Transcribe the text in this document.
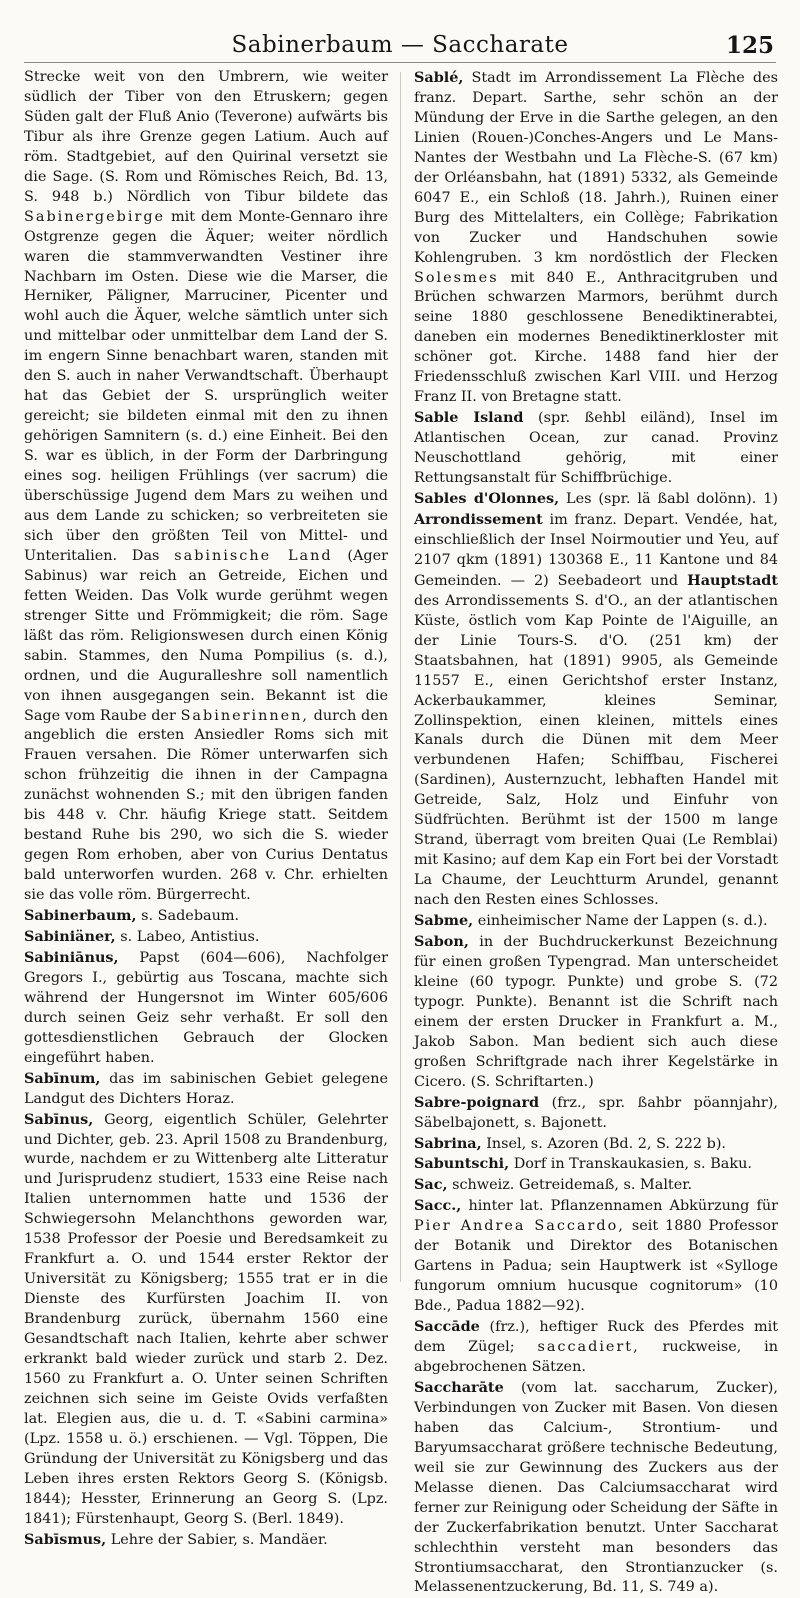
Sabinerbaum — Saccharate	125

Strecke weit von den Umbrern, wie weiter südlich der Tiber von den Etruskern; gegen Süden galt der Fluß Anio (Teverone) aufwärts bis Tibur als ihre Grenze gegen Latium. Auch auf röm. Stadtgebiet, auf den Quirinal versetzt sie die Sage. (S. Rom und Römisches Reich, Bd. 13, S. 948 b.) Nördlich von Tibur bildete das Sabinergebirge mit dem Monte-Gennaro ihre Ostgrenze gegen die Äquer; weiter nördlich waren die stammverwandten Vestiner ihre Nachbarn im Osten. Diese wie die Marser, die Herniker, Päligner, Marruciner, Picenter und wohl auch die Äquer, welche sämtlich unter sich und mittelbar oder unmittelbar dem Land der S. im engern Sinne benachbart waren, standen mit den S. auch in naher Verwandtschaft. Überhaupt hat das Gebiet der S. ursprünglich weiter gereicht; sie bildeten einmal mit den zu ihnen gehörigen Samnitern (s. d.) eine Einheit. Bei den S. war es üblich, in der Form der Darbringung eines sog. heiligen Frühlings (ver sacrum) die überschüssige Jugend dem Mars zu weihen und aus dem Lande zu schicken; so verbreiteten sie sich über den größten Teil von Mittel- und Unteritalien. Das sabinische Land (Ager Sabinus) war reich an Getreide, Eichen und fetten Weiden. Das Volk wurde gerühmt wegen strenger Sitte und Frömmigkeit; die röm. Sage läßt das röm. Religionswesen durch einen König sabin. Stammes, den Numa Pompilius (s. d.), ordnen, und die Auguralleshre soll namentlich von ihnen ausgegangen sein. Bekannt ist die Sage vom Raube der Sabinerinnen, durch den angeblich die ersten Ansiedler Roms sich mit Frauen versahen. Die Römer unterwarfen sich schon frühzeitig die ihnen in der Campagna zunächst wohnenden S.; mit den übrigen fanden bis 448 v. Chr. häufig Kriege statt. Seitdem bestand Ruhe bis 290, wo sich die S. wieder gegen Rom erhoben, aber von Curius Dentatus bald unterworfen wurden. 268 v. Chr. erhielten sie das volle röm. Bürgerrecht.

Sabinerbaum, s. Sadebaum.

Sabiniäner, s. Labeo, Antistius.

Sabiniānus, Papst (604—606), Nachfolger Gregors I., gebürtig aus Toscana, machte sich während der Hungersnot im Winter 605/606 durch seinen Geiz sehr verhaßt. Er soll den gottesdienstlichen Gebrauch der Glocken eingeführt haben.

Sabīnum, das im sabinischen Gebiet gelegene Landgut des Dichters Horaz.

Sabīnus, Georg, eigentlich Schüler, Gelehrter und Dichter, geb. 23. April 1508 zu Brandenburg, wurde, nachdem er zu Wittenberg alte Litteratur und Jurisprudenz studiert, 1533 eine Reise nach Italien unternommen hatte und 1536 der Schwiegersohn Melanchthons geworden war, 1538 Professor der Poesie und Beredsamkeit zu Frankfurt a. O. und 1544 erster Rektor der Universität zu Königsberg; 1555 trat er in die Dienste des Kurfürsten Joachim II. von Brandenburg zurück, übernahm 1560 eine Gesandtschaft nach Italien, kehrte aber schwer erkrankt bald wieder zurück und starb 2. Dez. 1560 zu Frankfurt a. O. Unter seinen Schriften zeichnen sich seine im Geiste Ovids verfaßten lat. Elegien aus, die u. d. T. «Sabini carmina» (Lpz. 1558 u. ö.) erschienen. — Vgl. Töppen, Die Gründung der Universität zu Königsberg und das Leben ihres ersten Rektors Georg S. (Königsb. 1844); Hesster, Erinnerung an Georg S. (Lpz. 1841); Fürstenhaupt, Georg S. (Berl. 1849).

Sabīsmus, Lehre der Sabier, s. Mandäer.

Sablé, Stadt im Arrondissement La Flèche des franz. Depart. Sarthe, sehr schön an der Mündung der Erve in die Sarthe gelegen, an den Linien (Rouen-)Conches-Angers und Le Mans-Nantes der Westbahn und La Flèche-S. (67 km) der Orléansbahn, hat (1891) 5332, als Gemeinde 6047 E., ein Schloß (18. Jahrh.), Ruinen einer Burg des Mittelalters, ein Collège; Fabrikation von Zucker und Handschuhen sowie Kohlengruben. 3 km nordöstlich der Flecken Solesmes mit 840 E., Anthracitgruben und Brüchen schwarzen Marmors, berühmt durch seine 1880 geschlossene Benediktinerabtei, daneben ein modernes Benediktinerkloster mit schöner got. Kirche. 1488 fand hier der Friedensschluß zwischen Karl VIII. und Herzog Franz II. von Bretagne statt.

Sable Island (spr. ßehbl eiländ), Insel im Atlantischen Ocean, zur canad. Provinz Neuschottland gehörig, mit einer Rettungsanstalt für Schiffbrüchige.

Sables d'Olonnes, Les (spr. lä ßabl dolönn). 1) Arrondissement im franz. Depart. Vendée, hat, einschließlich der Insel Noirmoutier und Yeu, auf 2107 qkm (1891) 130368 E., 11 Kantone und 84 Gemeinden. — 2) Seebadeort und Hauptstadt des Arrondissements S. d'O., an der atlantischen Küste, östlich vom Kap Pointe de l'Aiguille, an der Linie Tours-S. d'O. (251 km) der Staatsbahnen, hat (1891) 9905, als Gemeinde 11557 E., einen Gerichtshof erster Instanz, Ackerbaukammer, kleines Seminar, Zollinspektion, einen kleinen, mittels eines Kanals durch die Dünen mit dem Meer verbundenen Hafen; Schiffbau, Fischerei (Sardinen), Austernzucht, lebhaften Handel mit Getreide, Salz, Holz und Einfuhr von Südfrüchten. Berühmt ist der 1500 m lange Strand, überragt vom breiten Quai (Le Remblai) mit Kasino; auf dem Kap ein Fort bei der Vorstadt La Chaume, der Leuchtturm Arundel, genannt nach den Resten eines Schlosses.

Sabme, einheimischer Name der Lappen (s. d.).

Sabon, in der Buchdruckerkunst Bezeichnung für einen großen Typengrad. Man unterscheidet kleine (60 typogr. Punkte) und grobe S. (72 typogr. Punkte). Benannt ist die Schrift nach einem der ersten Drucker in Frankfurt a. M., Jakob Sabon. Man bedient sich auch diese großen Schriftgrade nach ihrer Kegelstärke in Cicero. (S. Schriftarten.)

Sabre-poignard (frz., spr. ßahbr pöannjahr), Säbelbajonett, s. Bajonett.

Sabrina, Insel, s. Azoren (Bd. 2, S. 222 b).

Sabuntschi, Dorf in Transkaukasien, s. Baku.

Sac, schweiz. Getreidemaß, s. Malter.

Sacc., hinter lat. Pflanzennamen Abkürzung für Pier Andrea Saccardo, seit 1880 Professor der Botanik und Direktor des Botanischen Gartens in Padua; sein Hauptwerk ist «Sylloge fungorum omnium hucusque cognitorum» (10 Bde., Padua 1882—92).

Saccāde (frz.), heftiger Ruck des Pferdes mit dem Zügel; saccadiert, ruckweise, in abgebrochenen Sätzen.

Saccharāte (vom lat. saccharum, Zucker), Verbindungen von Zucker mit Basen. Von diesen haben das Calcium-, Strontium- und Baryumsaccharat größere technische Bedeutung, weil sie zur Gewinnung des Zuckers aus der Melasse dienen. Das Calciumsaccharat wird ferner zur Reinigung oder Scheidung der Säfte in der Zuckerfabrikation benutzt. Unter Saccharat schlechthin versteht man besonders das Strontiumsaccharat, den Strontianzucker (s. Melassenentzuckerung, Bd. 11, S. 749 a).
